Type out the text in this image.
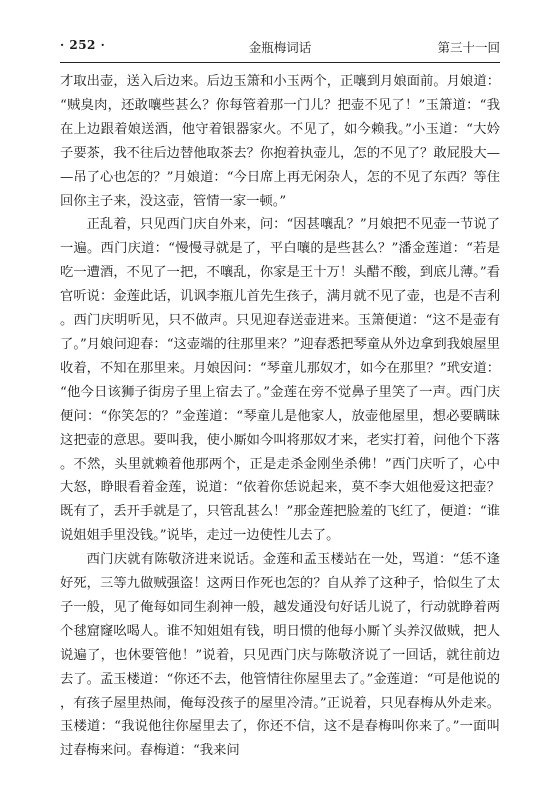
· 252 ·	金瓶梅词话	第三十一回

才取出壶，送入后边来。后边玉箫和小玉两个，正嚷到月娘面前。月娘道：“贼臭肉，还敢嚷些甚么？你每管着那一门儿？把壶不见了！”玉箫道：“我在上边跟着娘送酒，他守着银器家火。不见了，如今赖我。”小玉道：“大妗子要茶，我不往后边替他取茶去？你抱着执壶儿，怎的不见了？敢屁股大——吊了心也怎的？”月娘道：“今日席上再无闲杂人，怎的不见了东西？等住回你主子来，没这壶，管情一家一顿。”

正乱着，只见西门庆自外来，问：“因甚嚷乱？”月娘把不见壶一节说了一遍。西门庆道：“慢慢寻就是了，平白嚷的是些甚么？”潘金莲道：“若是吃一遭酒，不见了一把，不嚷乱，你家是王十万！头醋不酸，到底儿薄。”看官听说：金莲此话，讥讽李瓶儿首先生孩子，满月就不见了壶，也是不吉利。西门庆明听见，只不做声。只见迎春送壶进来。玉箫便道：“这不是壶有了。”月娘问迎春：“这壶端的往那里来？”迎春悉把琴童从外边拿到我娘屋里收着，不知在那里来。月娘因问：“琴童儿那奴才，如今在那里？”玳安道：“他今日该狮子街房子里上宿去了。”金莲在旁不觉鼻子里笑了一声。西门庆便问：“你笑怎的？”金莲道：“琴童儿是他家人，放壶他屋里，想必要瞒昧这把壶的意思。要叫我，使小厮如今叫将那奴才来，老实打着，问他个下落。不然，头里就赖着他那两个，正是走杀金刚坐杀佛！”西门庆听了，心中大怒，睁眼看着金莲，说道：“依着你恁说起来，莫不李大姐他爱这把壶？既有了，丢开手就是了，只管乱甚么！”那金莲把脸羞的飞红了，便道：“谁说姐姐手里没钱。”说毕，走过一边使性儿去了。

西门庆就有陈敬济进来说话。金莲和孟玉楼站在一处，骂道：“恁不逢好死，三等九做贼强盗！这两日作死也怎的？自从养了这种子，恰似生了太子一般，见了俺每如同生刹神一般，越发通没句好话儿说了，行动就睁着两个毬窟窿吆喝人。谁不知姐姐有钱，明日惯的他每小厮丫头养汉做贼，把人说遍了，也休要管他！”说着，只见西门庆与陈敬济说了一回话，就往前边去了。孟玉楼道：“你还不去，他管情往你屋里去了。”金莲道：“可是他说的，有孩子屋里热闹，俺每没孩子的屋里冷清。”正说着，只见春梅从外走来。玉楼道：“我说他往你屋里去了，你还不信，这不是春梅叫你来了。”一面叫过春梅来问。春梅道：“我来问
